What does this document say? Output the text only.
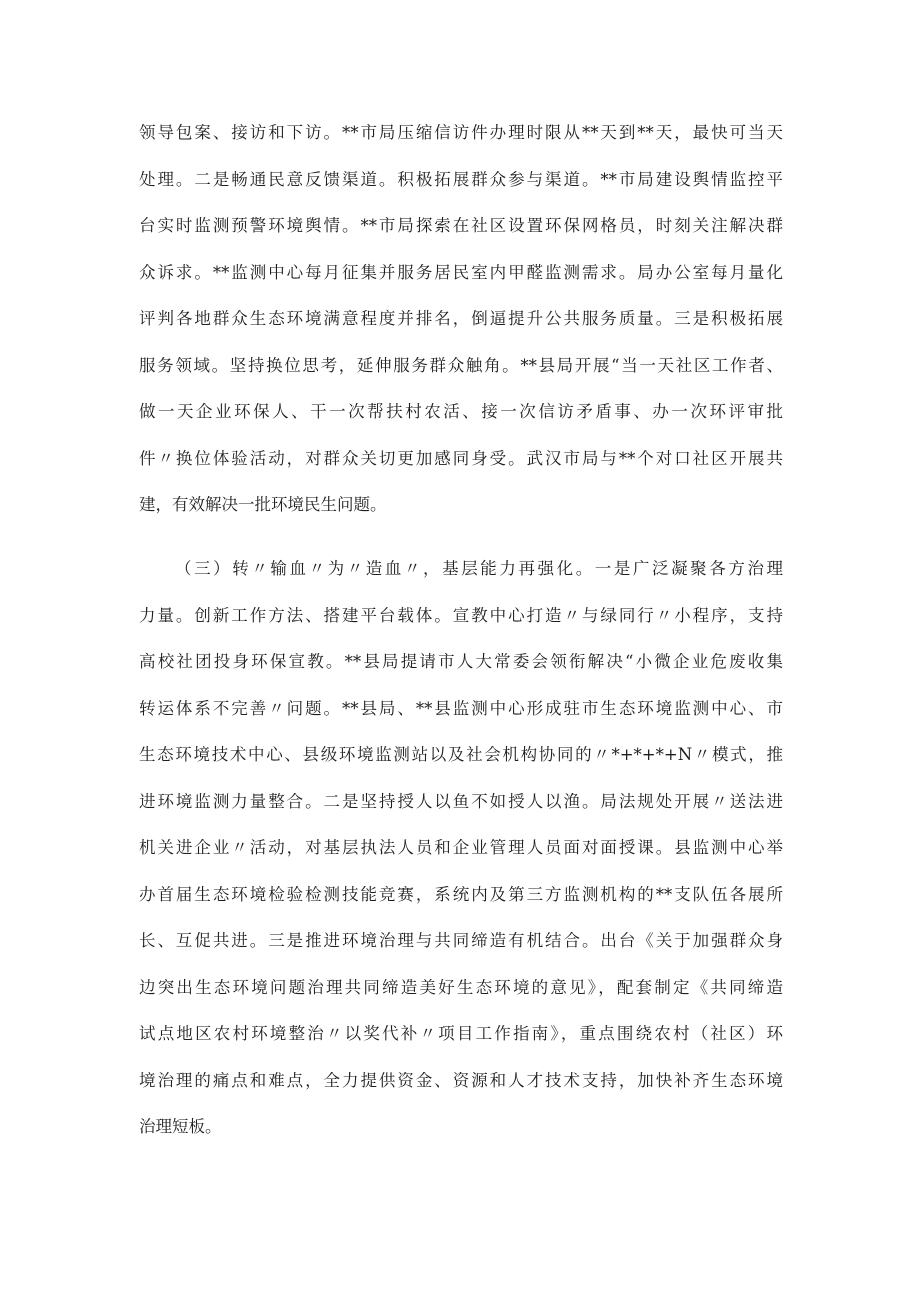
领导包案、接访和下访。**市局压缩信访件办理时限从**天到**天，最快可当天
处理。二是畅通民意反馈渠道。积极拓展群众参与渠道。**市局建设舆情监控平
台实时监测预警环境舆情。**市局探索在社区设置环保网格员，时刻关注解决群
众诉求。**监测中心每月征集并服务居民室内甲醛监测需求。局办公室每月量化
评判各地群众生态环境满意程度并排名，倒逼提升公共服务质量。三是积极拓展
服务领域。坚持换位思考，延伸服务群众触角。**县局开展“当一天社区工作者、
做一天企业环保人、干一次帮扶村农活、接一次信访矛盾事、办一次环评审批
件〃换位体验活动，对群众关切更加感同身受。武汉市局与**个对口社区开展共
建，有效解决一批环境民生问题。
（三）转〃输血〃为〃造血〃，基层能力再强化。一是广泛凝聚各方治理
力量。创新工作方法、搭建平台载体。宣教中心打造〃与绿同行〃小程序，支持
高校社团投身环保宣教。**县局提请市人大常委会领衔解决“小微企业危废收集
转运体系不完善〃问题。**县局、**县监测中心形成驻市生态环境监测中心、市
生态环境技术中心、县级环境监测站以及社会机构协同的〃*+*+*+N〃模式，推
进环境监测力量整合。二是坚持授人以鱼不如授人以渔。局法规处开展〃送法进
机关进企业〃活动，对基层执法人员和企业管理人员面对面授课。县监测中心举
办首届生态环境检验检测技能竞赛，系统内及第三方监测机构的**支队伍各展所
长、互促共进。三是推进环境治理与共同缔造有机结合。出台《关于加强群众身
边突出生态环境问题治理共同缔造美好生态环境的意见》，配套制定《共同缔造
试点地区农村环境整治〃以奖代补〃项目工作指南》，重点围绕农村（社区）环
境治理的痛点和难点，全力提供资金、资源和人才技术支持，加快补齐生态环境
治理短板。
